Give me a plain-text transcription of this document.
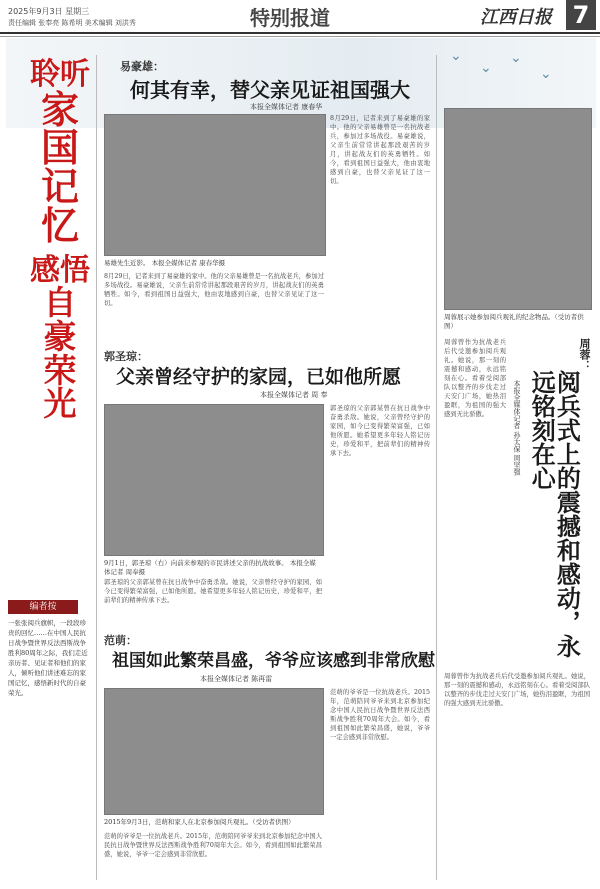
2025年9月3日 星期三
责任编辑 张奉亮 陈希明 美术编辑 刘洪秀	特别报道	江西日报 7
⌄
⌄
⌄
⌄
聆听
家国记忆
感悟
自豪荣光
编者按
一张张阅兵旗帜，一段段珍贵的回忆……在中国人民抗日战争暨世界反法西斯战争胜利80周年之际，我们走近亲历者、见证者和他们的家人，倾听他们讲述难忘的家国记忆，感悟新时代的自豪荣光。
易豪雄：
何其有幸，替父亲见证祖国强大
本报全媒体记者 康春华
易雄先生近影。 本报全媒体记者 康春华摄
8月29日，记者来到了易豪雄的家中。他的父亲易雄曾是一名抗战老兵，参加过多场战役。易豪雄说，父亲生前常常讲起那段艰苦的岁月，讲起战友们的英勇牺牲。如今，看到祖国日益强大，他由衷地感到自豪，也替父亲见证了这一切。
8月29日，记者来到了易豪雄的家中。他的父亲易雄曾是一名抗战老兵，参加过多场战役。易豪雄说，父亲生前常常讲起那段艰苦的岁月，讲起战友们的英勇牺牲。如今，看到祖国日益强大，他由衷地感到自豪，也替父亲见证了这一切。
郭圣琼：
父亲曾经守护的家园，已如他所愿
本报全媒体记者 周 奉
9月1日，郭圣琼（右）向前来参观的市民讲述父亲的抗战故事。 本报全媒体记者 周奉摄
郭圣琼的父亲郭某曾在抗日战争中奋勇杀敌。她说，父亲曾经守护的家园，如今已变得繁荣富强，已如他所愿。她希望更多年轻人铭记历史，珍爱和平，把前辈们的精神传承下去。
郭圣琼的父亲郭某曾在抗日战争中奋勇杀敌。她说，父亲曾经守护的家园，如今已变得繁荣富强，已如他所愿。她希望更多年轻人铭记历史，珍爱和平，把前辈们的精神传承下去。
范萌：
祖国如此繁荣昌盛，爷爷应该感到非常欣慰
本报全媒体记者 陈再雷
2015年9月3日，范萌和家人在北京参加阅兵观礼。（受访者供图）
范萌的爷爷是一位抗战老兵。2015年，范萌陪同爷爷来到北京参加纪念中国人民抗日战争暨世界反法西斯战争胜利70周年大会。如今，看到祖国如此繁荣昌盛，她说，爷爷一定会感到非常欣慰。
范萌的爷爷是一位抗战老兵。2015年，范萌陪同爷爷来到北京参加纪念中国人民抗日战争暨世界反法西斯战争胜利70周年大会。如今，看到祖国如此繁荣昌盛，她说，爷爷一定会感到非常欣慰。
周蓉展示她参加阅兵观礼的纪念物品。（受访者供图）
周蓉：
阅兵式上的震撼和感动，永远铭刻在心
本报全媒体记者 孙太保 周坚强
周蓉曾作为抗战老兵后代受邀参加阅兵观礼。她说，那一刻的震撼和感动，永远铭刻在心。看着受阅部队以整齐的步伐走过天安门广场，她热泪盈眶，为祖国的强大感到无比骄傲。
周蓉曾作为抗战老兵后代受邀参加阅兵观礼。她说，那一刻的震撼和感动，永远铭刻在心。看着受阅部队以整齐的步伐走过天安门广场，她热泪盈眶，为祖国的强大感到无比骄傲。
